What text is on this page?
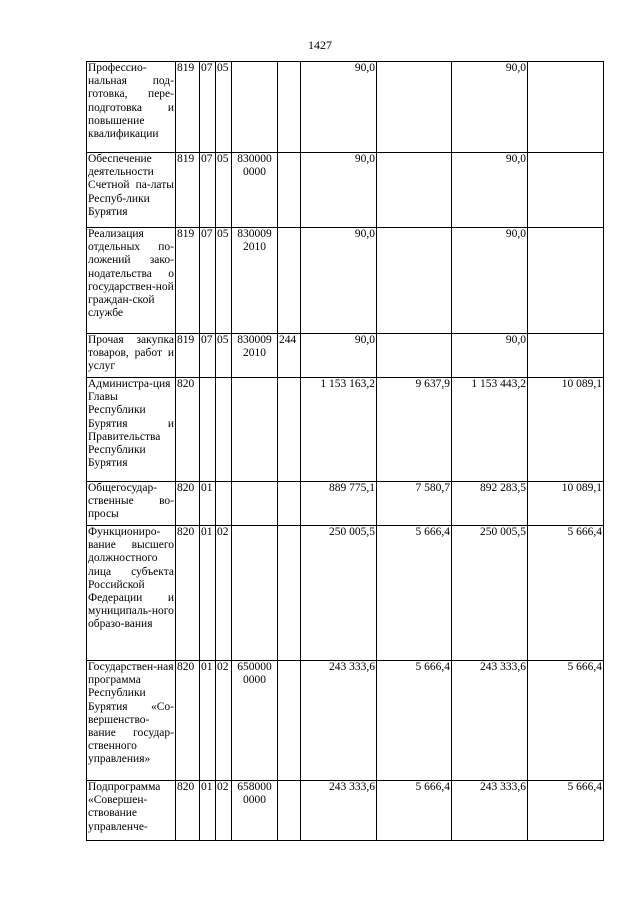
1427
Профессио-нальная под-готовка, пере-подготовка и повышение квалификации	819	07	05			90,0		90,0	
Обеспечение деятельности Счетной па-латы Респуб-лики Бурятия	819	07	05	830000 0000		90,0		90,0	
Реализация отдельных по-ложений зако-нодательства о государствен-ной граждан-ской службе	819	07	05	830009 2010		90,0		90,0	
Прочая закупка товаров, работ и услуг	819	07	05	830009 2010	244	90,0		90,0	
Администра-ция Главы Республики Бурятия и Правительства Республики Бурятия	820					1 153 163,2	9 637,9	1 153 443,2	10 089,1
Общегосудар-ственные во-просы	820	01				889 775,1	7 580,7	892 283,5	10 089,1
Функциониро-вание высшего должностного лица субъекта Российской Федерации и муниципаль-ного образо-вания	820	01	02			250 005,5	5 666,4	250 005,5	5 666,4
Государствен-ная программа Республики Бурятия «Со-вершенство-вание государ-ственного управления»	820	01	02	650000 0000		243 333,6	5 666,4	243 333,6	5 666,4
Подпрограмма «Совершен-ствование управленче-	820	01	02	658000 0000		243 333,6	5 666,4	243 333,6	5 666,4
